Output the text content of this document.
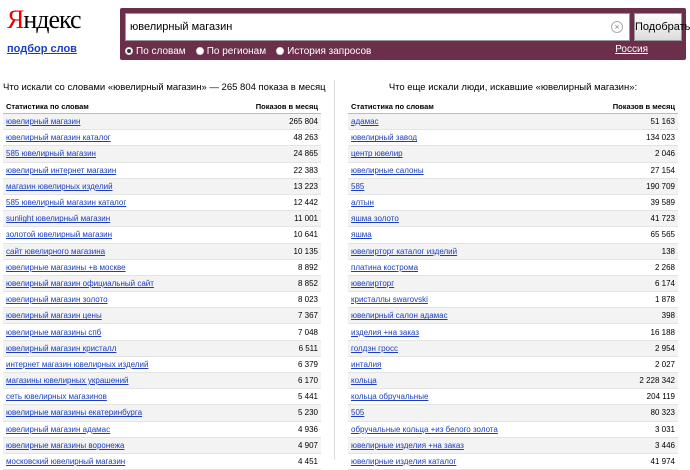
Яндекс
подбор слов
ювелирный магазин	×	Подобрать
По словам По регионам История запросов	Россия
Что искали со словами «ювелирный магазин» — 265 804 показа в месяц
Статистика по словам	Показов в месяц
ювелирный магазин	265 804
ювелирный магазин каталог	48 263
585 ювелирный магазин	24 865
ювелирный интернет магазин	22 383
магазин ювелирных изделий	13 223
585 ювелирный магазин каталог	12 442
sunlight ювелирный магазин	11 001
золотой ювелирный магазин	10 641
сайт ювелирного магазина	10 135
ювелирные магазины +в москве	8 892
ювелирный магазин официальный сайт	8 852
ювелирный магазин золото	8 023
ювелирный магазин цены	7 367
ювелирные магазины спб	7 048
ювелирный магазин кристалл	6 511
интернет магазин ювелирных изделий	6 379
магазины ювелирных украшений	6 170
сеть ювелирных магазинов	5 441
ювелирные магазины екатеринбурга	5 230
ювелирный магазин адамас	4 936
ювелирные магазины воронежа	4 907
московский ювелирный магазин	4 451
Что еще искали люди, искавшие «ювелирный магазин»:
Статистика по словам	Показов в месяц
адамас	51 163
ювелирный завод	134 023
центр ювелир	2 046
ювелирные салоны	27 154
585	190 709
алтын	39 589
яшма золото	41 723
яшма	65 565
ювелирторг каталог изделий	138
платина кострома	2 268
ювелирторг	6 174
кристаллы swarovski	1 878
ювелирный салон адамас	398
изделия +на заказ	16 188
голдэн гросс	2 954
инталия	2 027
кольца	2 228 342
кольца обручальные	204 119
505	80 323
обручальные кольца +из белого золота	3 031
ювелирные изделия +на заказ	3 446
ювелирные изделия каталог	41 974
